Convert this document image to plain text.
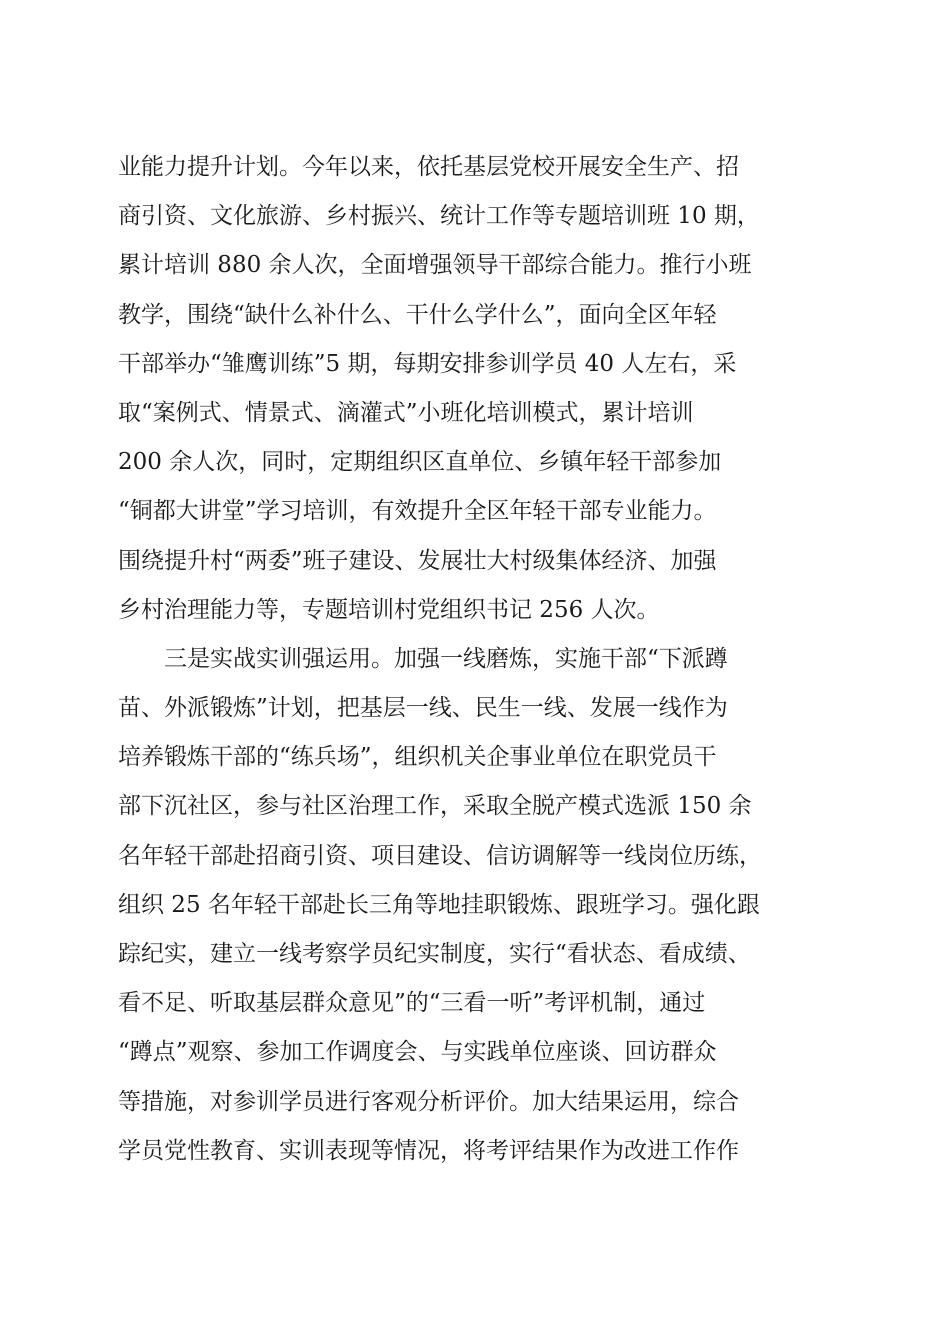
业能力提升计划。今年以来，依托基层党校开展安全生产、招
商引资、文化旅游、乡村振兴、统计工作等专题培训班 10 期，
累计培训 880 余人次，全面增强领导干部综合能力。推行小班
教学，围绕“缺什么补什么、干什么学什么”，面向全区年轻
干部举办“雏鹰训练”5 期，每期安排参训学员 40 人左右，采
取“案例式、情景式、滴灌式”小班化培训模式，累计培训
200 余人次，同时，定期组织区直单位、乡镇年轻干部参加
“铜都大讲堂”学习培训，有效提升全区年轻干部专业能力。
围绕提升村“两委”班子建设、发展壮大村级集体经济、加强
乡村治理能力等，专题培训村党组织书记 256 人次。
三是实战实训强运用。加强一线磨炼，实施干部“下派蹲
苗、外派锻炼”计划，把基层一线、民生一线、发展一线作为
培养锻炼干部的“练兵场”，组织机关企事业单位在职党员干
部下沉社区，参与社区治理工作，采取全脱产模式选派 150 余
名年轻干部赴招商引资、项目建设、信访调解等一线岗位历练，
组织 25 名年轻干部赴长三角等地挂职锻炼、跟班学习。强化跟
踪纪实，建立一线考察学员纪实制度，实行“看状态、看成绩、
看不足、听取基层群众意见”的“三看一听”考评机制，通过
“蹲点”观察、参加工作调度会、与实践单位座谈、回访群众
等措施，对参训学员进行客观分析评价。加大结果运用，综合
学员党性教育、实训表现等情况，将考评结果作为改进工作作
